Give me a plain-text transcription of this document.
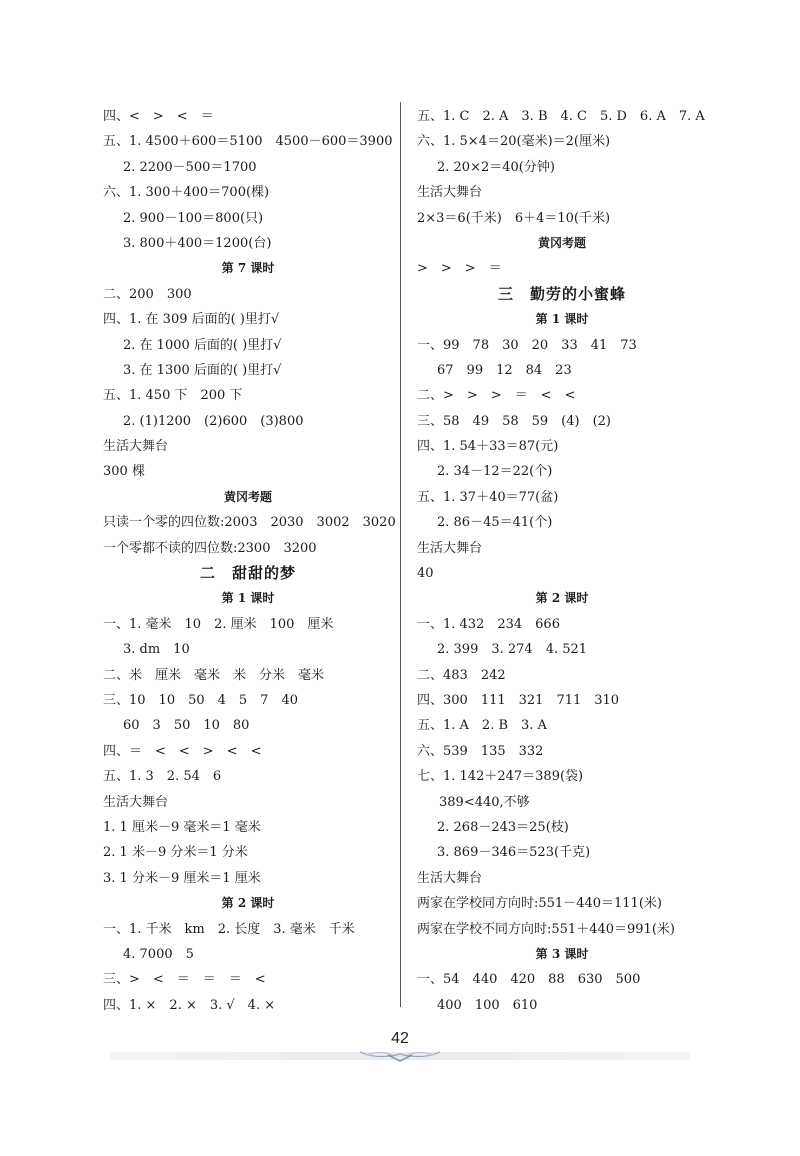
四、<　>　<　＝
五、1. 4500＋600＝5100　4500－600＝3900
2. 2200－500＝1700
六、1. 300＋400＝700(棵)
2. 900－100＝800(只)
3. 800＋400＝1200(台)
第 7 课时
二、200　300
四、1. 在 309 后面的( )里打√
2. 在 1000 后面的( )里打√
3. 在 1300 后面的( )里打√
五、1. 450 下　200 下
2. (1)1200　(2)600　(3)800
生活大舞台
300 棵
黄冈考题
只读一个零的四位数:2003　2030　3002　3020
一个零都不读的四位数:2300　3200
二　甜甜的梦
第 1 课时
一、1. 毫米　10　2. 厘米　100　厘米
3. dm　10
二、米　厘米　毫米　米　分米　毫米
三、10　10　50　4　5　7　40
60　3　50　10　80
四、＝　<　<　>　<　<
五、1. 3　2. 54　6
生活大舞台
1. 1 厘米－9 毫米＝1 毫米
2. 1 米－9 分米＝1 分米
3. 1 分米－9 厘米＝1 厘米
第 2 课时
一、1. 千米　km　2. 长度　3. 毫米　千米
4. 7000　5
三、>　<　＝　＝　＝　<
四、1. ×　2. ×　3. √　4. ×
五、1. C　2. A　3. B　4. C　5. D　6. A　7. A
六、1. 5×4＝20(毫米)＝2(厘米)
2. 20×2＝40(分钟)
生活大舞台
2×3＝6(千米)　6＋4＝10(千米)
黄冈考题
>　>　>　＝
三　勤劳的小蜜蜂
第 1 课时
一、99　78　30　20　33　41　73
67　99　12　84　23
二、>　>　>　＝　<　<
三、58　49　58　59　(4)　(2)
四、1. 54＋33＝87(元)
2. 34－12＝22(个)
五、1. 37＋40＝77(盆)
2. 86－45＝41(个)
生活大舞台
40
第 2 课时
一、1. 432　234　666
2. 399　3. 274　4. 521
二、483　242
四、300　111　321　711　310
五、1. A　2. B　3. A
六、539　135　332
七、1. 142＋247＝389(袋)
389<440,不够
2. 268－243＝25(枝)
3. 869－346＝523(千克)
生活大舞台
两家在学校同方向时:551－440＝111(米)
两家在学校不同方向时:551＋440＝991(米)
第 3 课时
一、54　440　420　88　630　500
400　100　610
42
